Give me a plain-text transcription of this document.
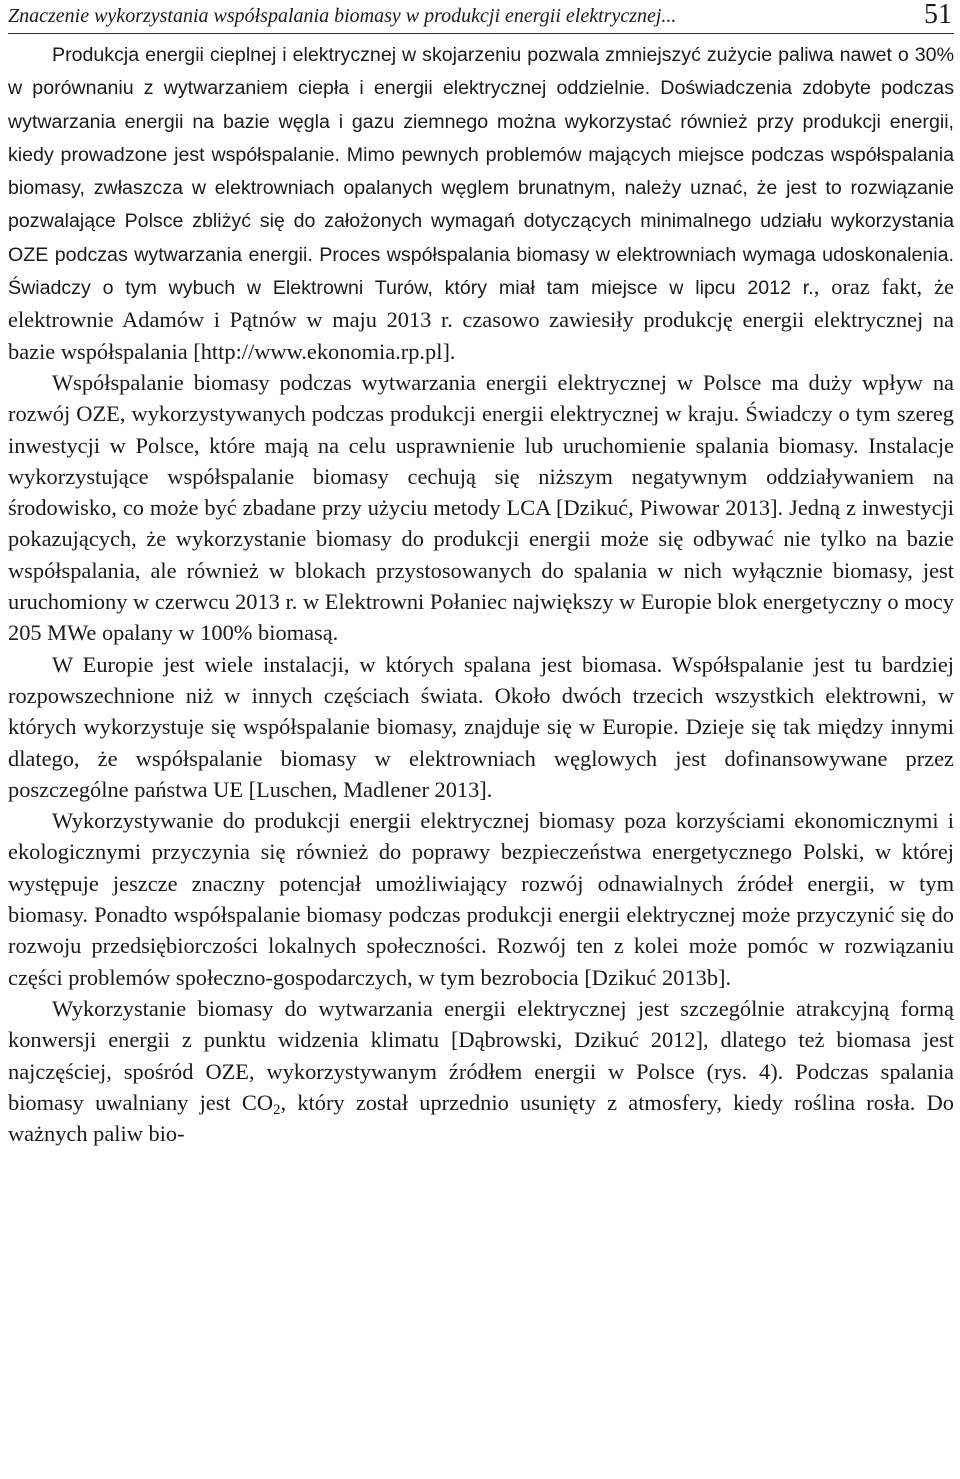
Znaczenie wykorzystania współspalania biomasy w produkcji energii elektrycznej...	51

Produkcja energii cieplnej i elektrycznej w skojarzeniu pozwala zmniejszyć zużycie paliwa nawet o 30% w porównaniu z wytwarzaniem ciepła i energii elektrycznej oddzielnie. Doświadczenia zdobyte podczas wytwarzania energii na bazie węgla i gazu ziemnego można wykorzystać również przy produkcji energii, kiedy prowadzone jest współspalanie. Mimo pewnych problemów mających miejsce podczas współspalania biomasy, zwłaszcza w elektrowniach opalanych węglem brunatnym, należy uznać, że jest to rozwiązanie pozwalające Polsce zbliżyć się do założonych wymagań dotyczących minimalnego udziału wykorzystania OZE podczas wytwarzania energii. Proces współspalania biomasy w elektrowniach wymaga udoskonalenia. Świadczy o tym wybuch w Elektrowni Turów, który miał tam miejsce w lipcu 2012 r., oraz fakt, że elektrownie Adamów i Pątnów w maju 2013 r. czasowo zawiesiły produkcję energii elektrycznej na bazie współspalania [http://www.ekonomia.rp.pl].

Współspalanie biomasy podczas wytwarzania energii elektrycznej w Polsce ma duży wpływ na rozwój OZE, wykorzystywanych podczas produkcji energii elektrycznej w kraju. Świadczy o tym szereg inwestycji w Polsce, które mają na celu usprawnienie lub uruchomienie spalania biomasy. Instalacje wykorzystujące współspalanie biomasy cechują się niższym negatywnym oddziaływaniem na środowisko, co może być zbadane przy użyciu metody LCA [Dzikuć, Piwowar 2013]. Jedną z inwestycji pokazujących, że wykorzystanie biomasy do produkcji energii może się odbywać nie tylko na bazie współspalania, ale również w blokach przystosowanych do spalania w nich wyłącznie biomasy, jest uruchomiony w czerwcu 2013 r. w Elektrowni Połaniec największy w Europie blok energetyczny o mocy 205 MWe opalany w 100% biomasą.

W Europie jest wiele instalacji, w których spalana jest biomasa. Współspalanie jest tu bardziej rozpowszechnione niż w innych częściach świata. Około dwóch trzecich wszystkich elektrowni, w których wykorzystuje się współspalanie biomasy, znajduje się w Europie. Dzieje się tak między innymi dlatego, że współspalanie biomasy w elektrowniach węglowych jest dofinansowywane przez poszczególne państwa UE [Luschen, Madlener 2013].

Wykorzystywanie do produkcji energii elektrycznej biomasy poza korzyściami ekonomicznymi i ekologicznymi przyczynia się również do poprawy bezpieczeństwa energetycznego Polski, w której występuje jeszcze znaczny potencjał umożliwiający rozwój odnawialnych źródeł energii, w tym biomasy. Ponadto współspalanie biomasy podczas produkcji energii elektrycznej może przyczynić się do rozwoju przedsiębiorczości lokalnych społeczności. Rozwój ten z kolei może pomóc w rozwiązaniu części problemów społeczno-gospodarczych, w tym bezrobocia [Dzikuć 2013b].

Wykorzystanie biomasy do wytwarzania energii elektrycznej jest szczególnie atrakcyjną formą konwersji energii z punktu widzenia klimatu [Dąbrowski, Dzikuć 2012], dlatego też biomasa jest najczęściej, spośród OZE, wykorzystywanym źródłem energii w Polsce (rys. 4). Podczas spalania biomasy uwalniany jest CO2, który został uprzednio usunięty z atmosfery, kiedy roślina rosła. Do ważnych paliw bio-
